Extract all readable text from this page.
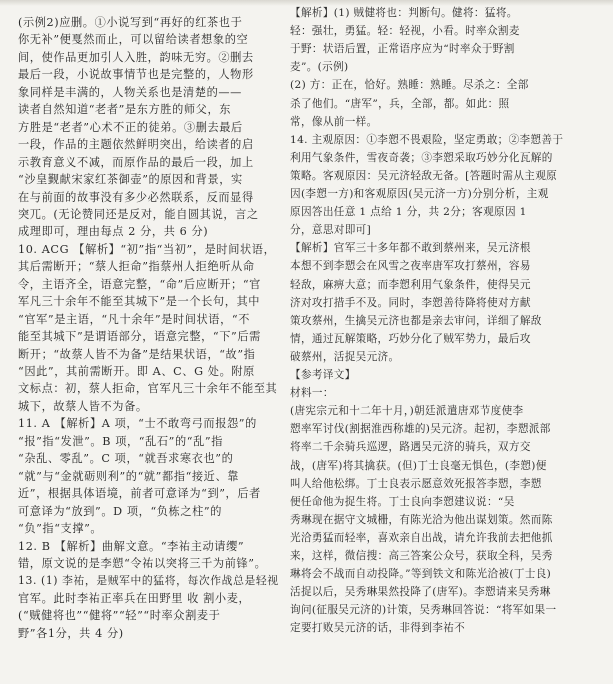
(示例2)应删。①小说写到“再好的红茶也于
你无补”便戛然而止，可以留给读者想象的空
间，使作品更加引人入胜，韵味无穷。②删去
最后一段，小说故事情节也是完整的，人物形
象同样是丰满的，人物关系也是清楚的——
读者自然知道“老者”是东方胜的师父，东
方胜是“老者”心术不正的徒弟。③删去最后
一段，作品的主题依然鲜明突出，给读者的启
示教育意义不减，而原作品的最后一段，加上
“沙皇觐献宋家红茶御壶”的原因和背景，实
在与前面的故事没有多少必然联系，反而显得
突兀。(无论赞同还是反对，能自圆其说，言之
成理即可，理由每点 2 分，共 6 分)
10. ACG 【解析】“初”指“当初”，是时间状语，
其后需断开；“蔡人拒命”指蔡州人拒绝听从命
令，主语齐全，语意完整，“命”后应断开；“官
军凡三十余年不能至其城下”是一个长句，其中
“官军”是主语，“凡十余年”是时间状语，“不
能至其城下”是谓语部分，语意完整，“下”后需
断开；“故蔡人皆不为备”是结果状语，“故”指
“因此”，其前需断开。即 A、C、G 处。附原
文标点：初，蔡人拒命，官军凡三十余年不能至其
城下，故蔡人皆不为备。
11. A 【解析】A 项，“士不敢弯弓而报怨”的
“报”指“发泄”。B 项，“乱石”的“乱”指
“杂乱、零乱”。C 项，“就吾求寒衣也”的
“就”与“金就砺则利”的“就”都指“接近、靠
近”，根据具体语境，前者可意译为“到”，后者
可意译为“放到”。D 项，“负栋之柱”的
“负”指“支撑”。
12. B 【解析】曲解文意。“李祐主动请缨”
错，原文说的是李愬“令祐以突将三千为前锋”。
13. (1) 李祐，是贼军中的猛将，每次作战总是轻视
官军。此时李祐正率兵在田野里 收 割小麦，
(“贼健将也”“健将”“轻”“时率众割麦于
野”各1分，共 4 分)
【解析】(1) 贼健将也：判断句。健将：猛将。
轻：强壮，勇猛。轻：轻视，小看。时率众割麦
于野：状语后置，正常语序应为“时率众于野割
麦”。(示例)
(2) 方：正在，恰好。熟睡：熟睡。尽杀之：全部
杀了他们。“唐军”，兵，全部，都。如此：照
常，像从前一样。
14. 主观原因：①李愬不畏艰险，坚定勇敢；②李愬善于
利用气象条件，雪夜奇袭；③李愬采取巧妙分化瓦解的
策略。客观原因：吴元济轻敌无备。[答题时需从主观原
因(李愬一方)和客观原因(吴元济一方)分别分析，主观
原因答出任意 1 点给 1 分，共 2分；客观原因 1
分，意思对即可]
【解析】官军三十多年都不敢到蔡州来，吴元济根
本想不到李愬会在风雪之夜率唐军攻打蔡州，容易
轻敌，麻痹大意；而李愬利用气象条件，使得吴元
济对攻打措手不及。同时，李愬善待降将使对方献
策攻蔡州，生擒吴元济也都是亲去审问，详细了解敌
情，通过瓦解策略，巧妙分化了贼军势力，最后攻
破蔡州，活捉吴元济。
【参考译文】
材料一：
(唐宪宗元和十二年十月，)朝廷派遣唐邓节度使李
愬率军讨伐(割据淮西称雄的)吴元济。起初，李愬派部
将率二千余骑兵巡逻，路遇吴元济的骑兵，双方交
战，(唐军)将其擒获。(但)丁士良毫无惧色，(李愬)便
叫人给他松绑。丁士良表示愿意效死报答李愬，李愬
便任命他为捉生将。丁士良向李愬建议说：“吴
秀琳现在据守文城栅，有陈光洽为他出谋划策。然而陈
光洽勇猛而轻率，喜欢亲自出战，请允许我前去把他抓
来，这样，微信搜：高三答案公众号，获取全科，吴秀
琳将会不战而自动投降。”等到铁文和陈光洽被(丁士良)
活捉以后，吴秀琳果然投降了(唐军)。李愬请来吴秀琳
询问(征服吴元济的)计策，吴秀琳回答说：“将军如果一
定要打败吴元济的话，非得到李祐不
